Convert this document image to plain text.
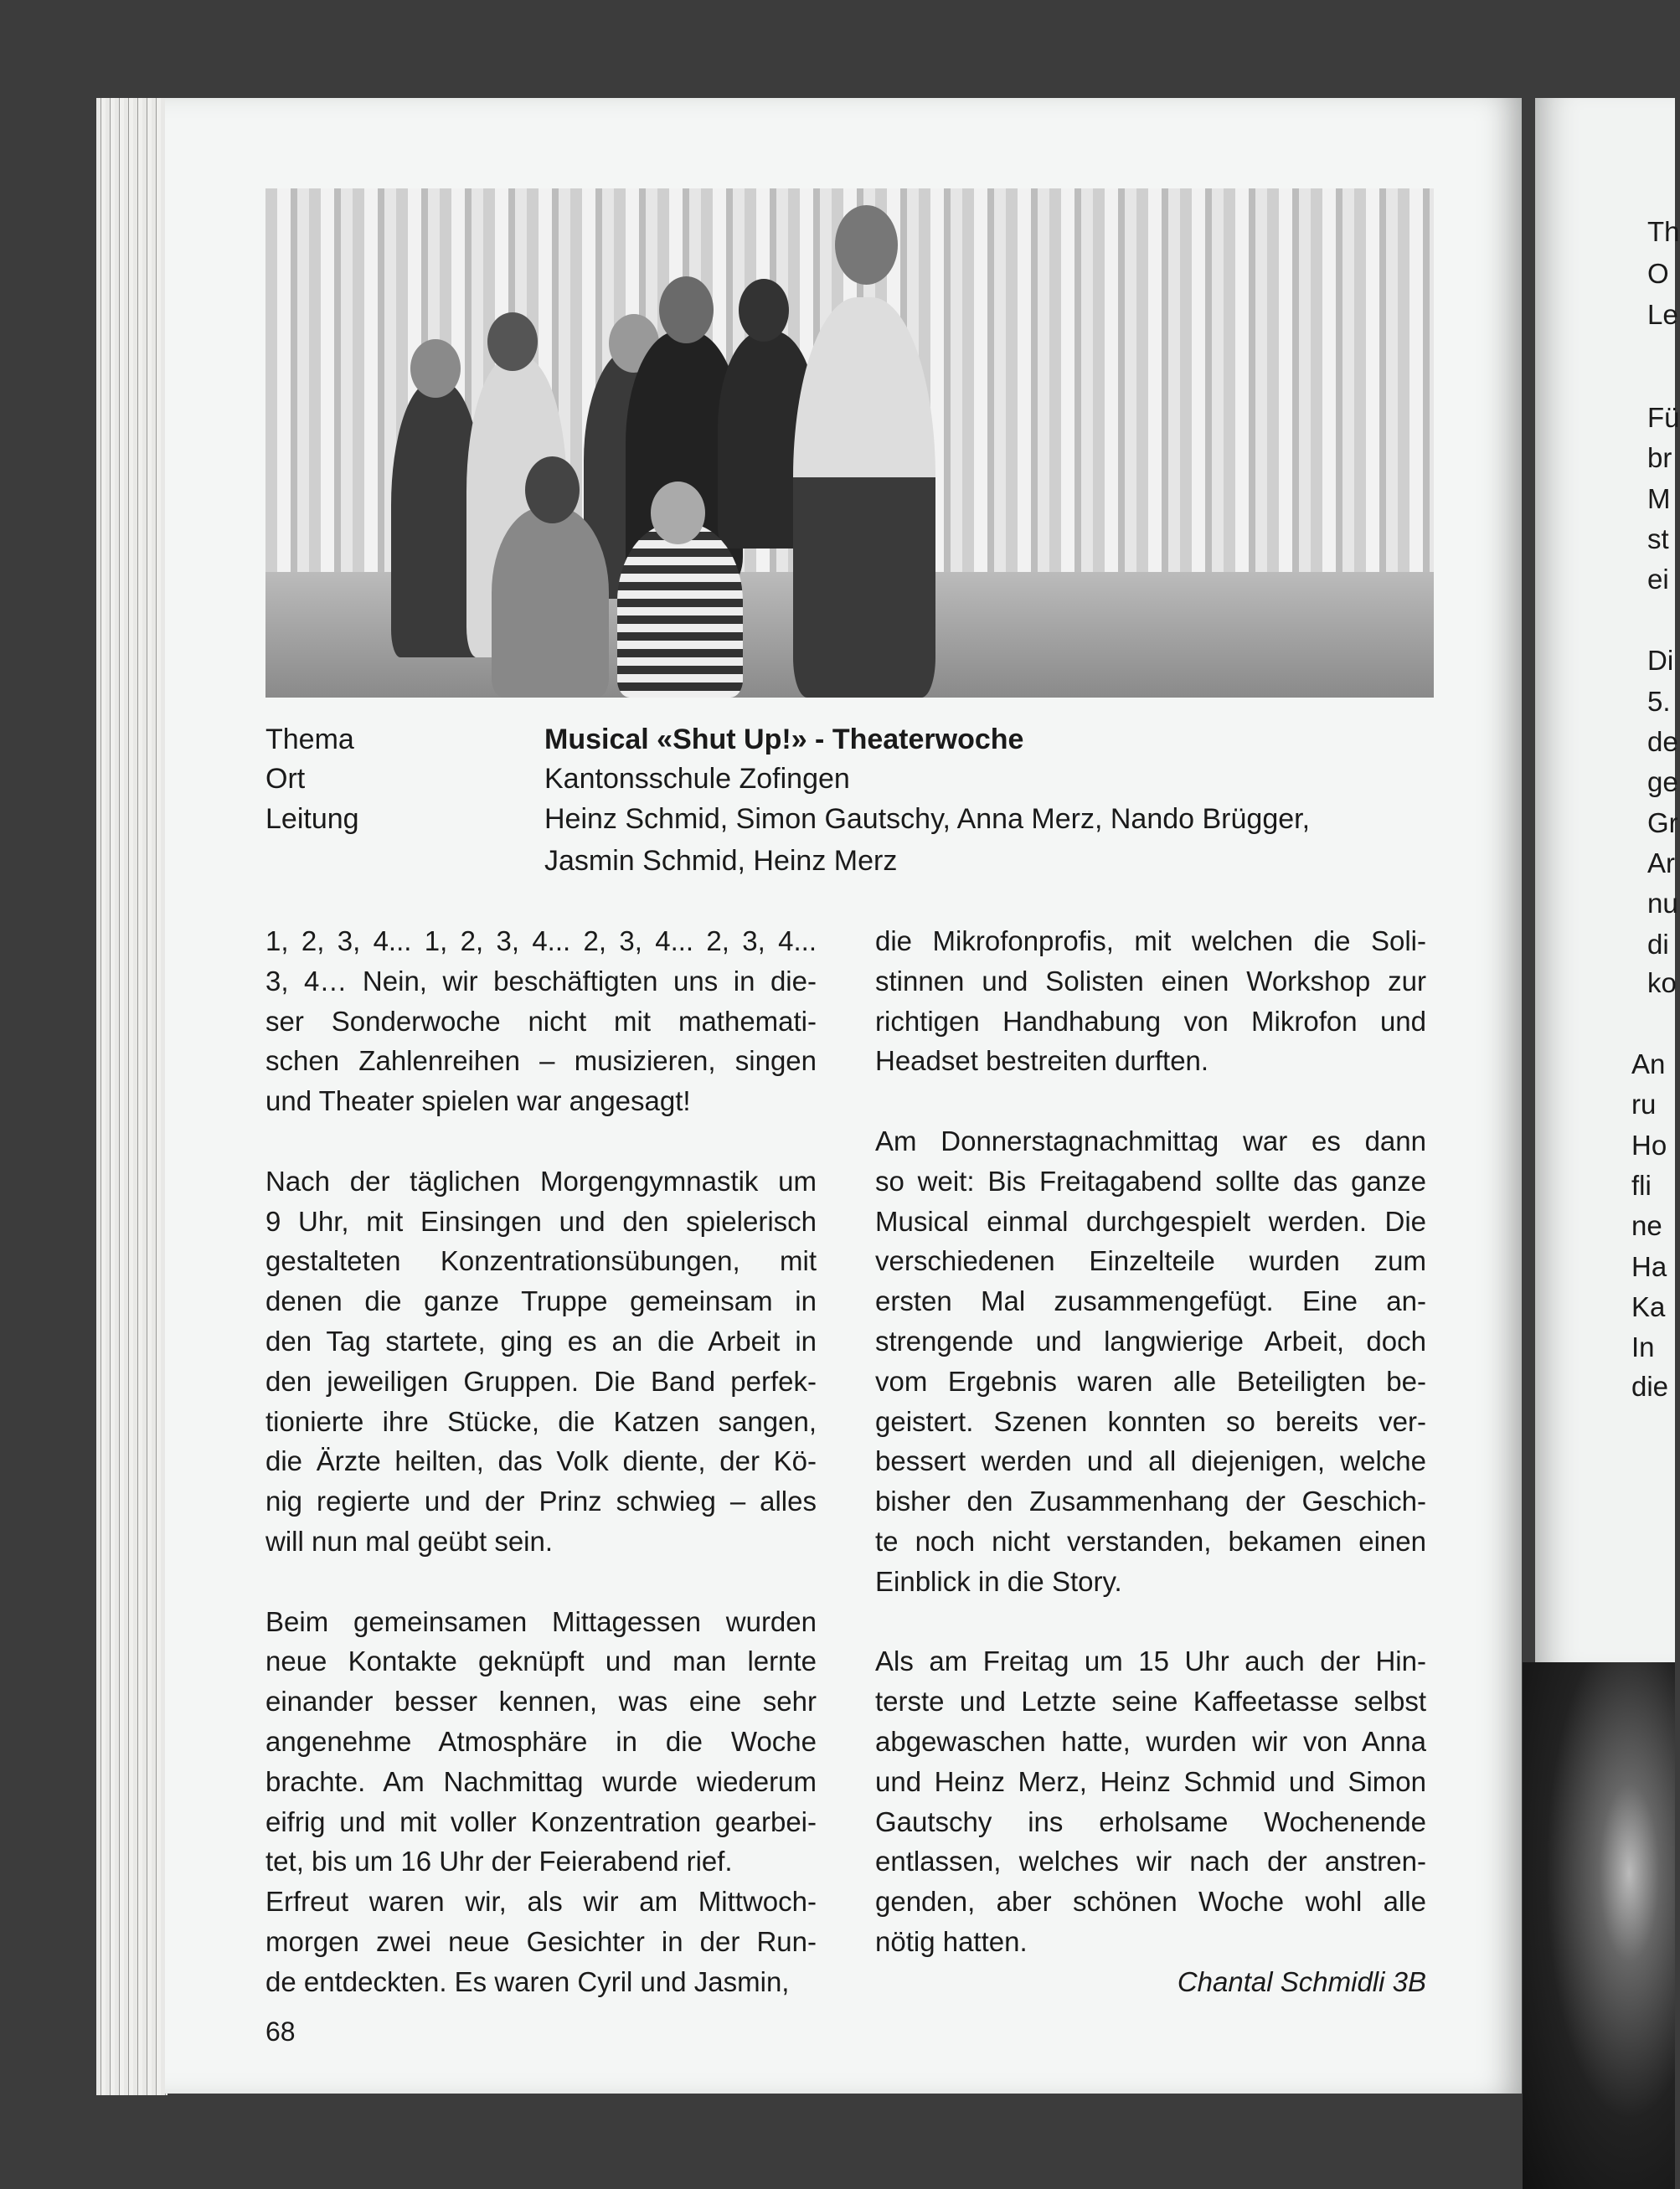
Th
O
Le
Fü
br
M
st
ei
Di
5.
de
ge
Gr
Ar
nu
di
ko
An
ru
Ho
fli
ne
Ha
Ka
In
die
Thema	Musical «Shut Up!» - Theaterwoche
Ort	Kantonsschule Zofingen
Leitung	Heinz Schmid, Simon Gautschy, Anna Merz, Nando Brügger,
Jasmin Schmid, Heinz Merz
1, 2, 3, 4... 1, 2, 3, 4... 2, 3, 4... 2, 3, 4...
3, 4… Nein, wir beschäftigten uns in die-
ser Sonderwoche nicht mit mathemati-
schen Zahlenreihen – musizieren, singen
und Theater spielen war angesagt!
Nach der täglichen Morgengymnastik um
9 Uhr, mit Einsingen und den spielerisch
gestalteten Konzentrationsübungen, mit
denen die ganze Truppe gemeinsam in
den Tag startete, ging es an die Arbeit in
den jeweiligen Gruppen. Die Band perfek-
tionierte ihre Stücke, die Katzen sangen,
die Ärzte heilten, das Volk diente, der Kö-
nig regierte und der Prinz schwieg – alles
will nun mal geübt sein.
Beim gemeinsamen Mittagessen wurden
neue Kontakte geknüpft und man lernte
einander besser kennen, was eine sehr
angenehme Atmosphäre in die Woche
brachte. Am Nachmittag wurde wiederum
eifrig und mit voller Konzentration gearbei-
tet, bis um 16 Uhr der Feierabend rief.
Erfreut waren wir, als wir am Mittwoch-
morgen zwei neue Gesichter in der Run-
de entdeckten. Es waren Cyril und Jasmin,
die Mikrofonprofis, mit welchen die Soli-
stinnen und Solisten einen Workshop zur
richtigen Handhabung von Mikrofon und
Headset bestreiten durften.
Am Donnerstagnachmittag war es dann
so weit: Bis Freitagabend sollte das ganze
Musical einmal durchgespielt werden. Die
verschiedenen Einzelteile wurden zum
ersten Mal zusammengefügt. Eine an-
strengende und langwierige Arbeit, doch
vom Ergebnis waren alle Beteiligten be-
geistert. Szenen konnten so bereits ver-
bessert werden und all diejenigen, welche
bisher den Zusammenhang der Geschich-
te noch nicht verstanden, bekamen einen
Einblick in die Story.
Als am Freitag um 15 Uhr auch der Hin-
terste und Letzte seine Kaffeetasse selbst
abgewaschen hatte, wurden wir von Anna
und Heinz Merz, Heinz Schmid und Simon
Gautschy ins erholsame Wochenende
entlassen, welches wir nach der anstren-
genden, aber schönen Woche wohl alle
nötig hatten.
Chantal Schmidli 3B
68
